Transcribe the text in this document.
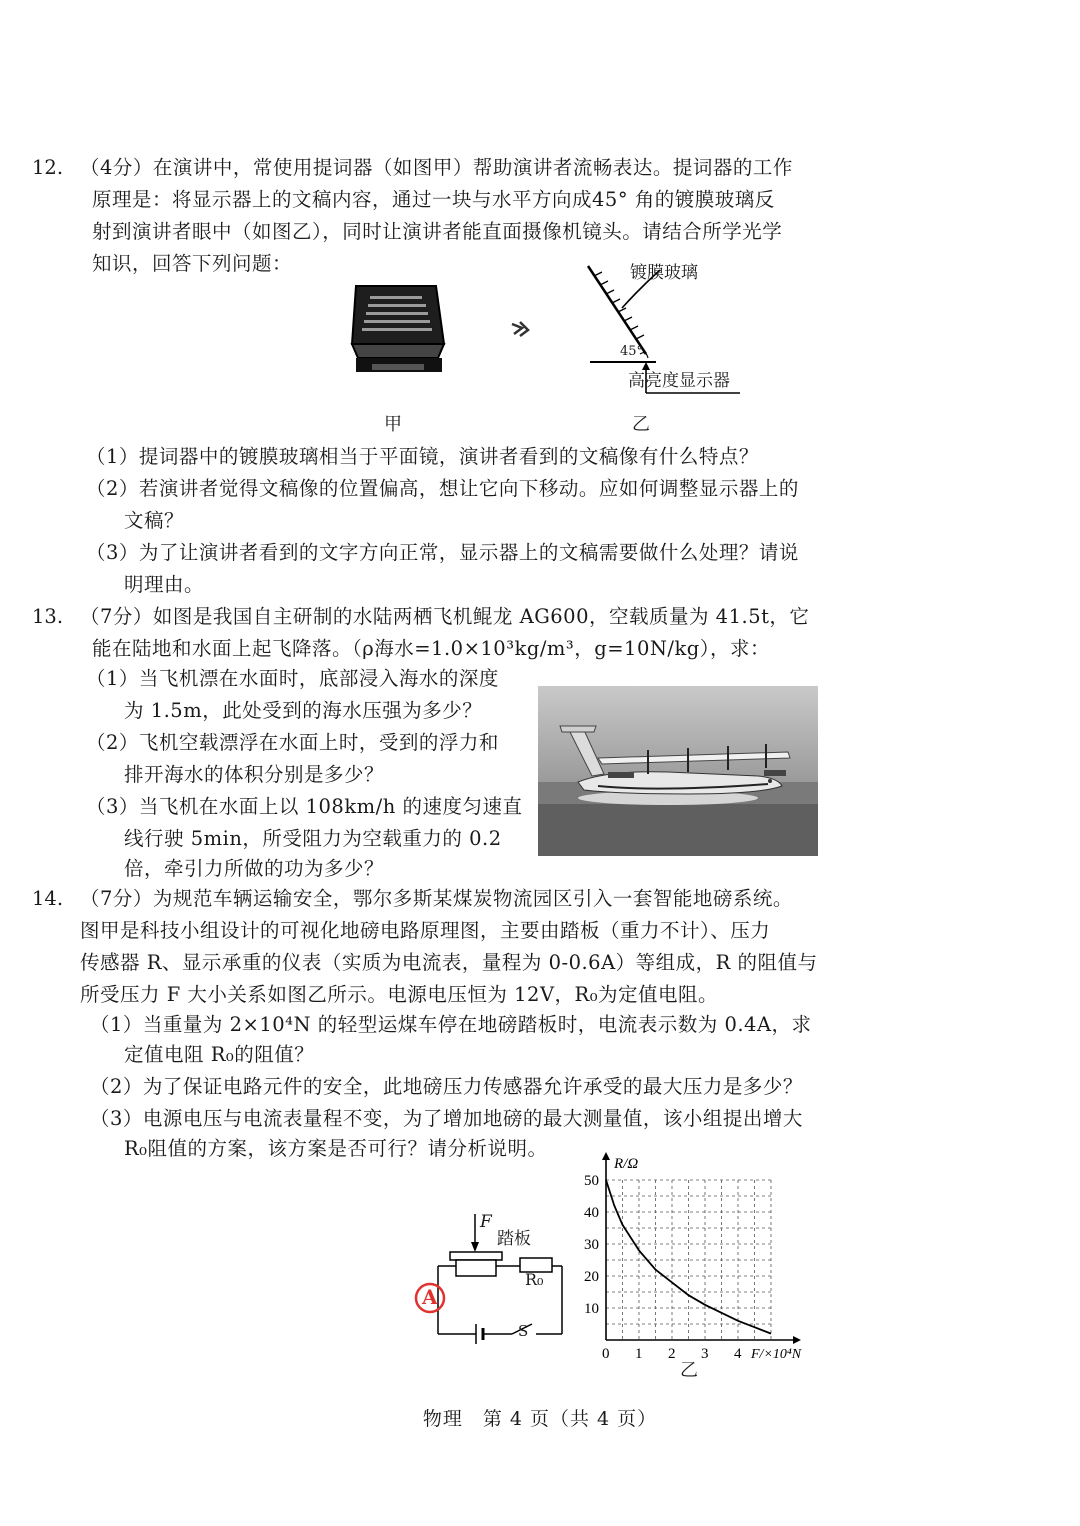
12. （4分）在演讲中，常使用提词器（如图甲）帮助演讲者流畅表达。提词器的工作
原理是：将显示器上的文稿内容，通过一块与水平方向成45° 角的镀膜玻璃反
射到演讲者眼中（如图乙），同时让演讲者能直面摄像机镜头。请结合所学光学
知识，回答下列问题：
甲
镀膜玻璃
45°
高亮度显示器
乙
（1）提词器中的镀膜玻璃相当于平面镜，演讲者看到的文稿像有什么特点？
（2）若演讲者觉得文稿像的位置偏高，想让它向下移动。应如何调整显示器上的
文稿？
（3）为了让演讲者看到的文字方向正常，显示器上的文稿需要做什么处理？请说
明理由。
13. （7分）如图是我国自主研制的水陆两栖飞机鲲龙 AG600，空载质量为 41.5t，它
能在陆地和水面上起飞降落。（ρ海水=1.0×10³kg/m³，g=10N/kg），求：
（1）当飞机漂在水面时，底部浸入海水的深度
为 1.5m，此处受到的海水压强为多少？
（2）飞机空载漂浮在水面上时，受到的浮力和
排开海水的体积分别是多少？
（3）当飞机在水面上以 108km/h 的速度匀速直
线行驶 5min，所受阻力为空载重力的 0.2
倍，牵引力所做的功为多少？
14. （7分）为规范车辆运输安全，鄂尔多斯某煤炭物流园区引入一套智能地磅系统。
图甲是科技小组设计的可视化地磅电路原理图，主要由踏板（重力不计）、压力
传感器 R、显示承重的仪表（实质为电流表，量程为 0-0.6A）等组成，R 的阻值与
所受压力 F 大小关系如图乙所示。电源电压恒为 12V，R₀为定值电阻。
（1）当重量为 2×10⁴N 的轻型运煤车停在地磅踏板时，电流表示数为 0.4A，求
定值电阻 R₀的阻值？
（2）为了保证电路元件的安全，此地磅压力传感器允许承受的最大压力是多少？
（3）电源电压与电流表量程不变，为了增加地磅的最大测量值，该小组提出增大
R₀阻值的方案，该方案是否可行？请分析说明。
F
踏板
R₀
A
S
0 1 2 3 4
10
20
30
40
50
R/Ω
F/×10⁴N
乙
物理　第 4 页（共 4 页）
